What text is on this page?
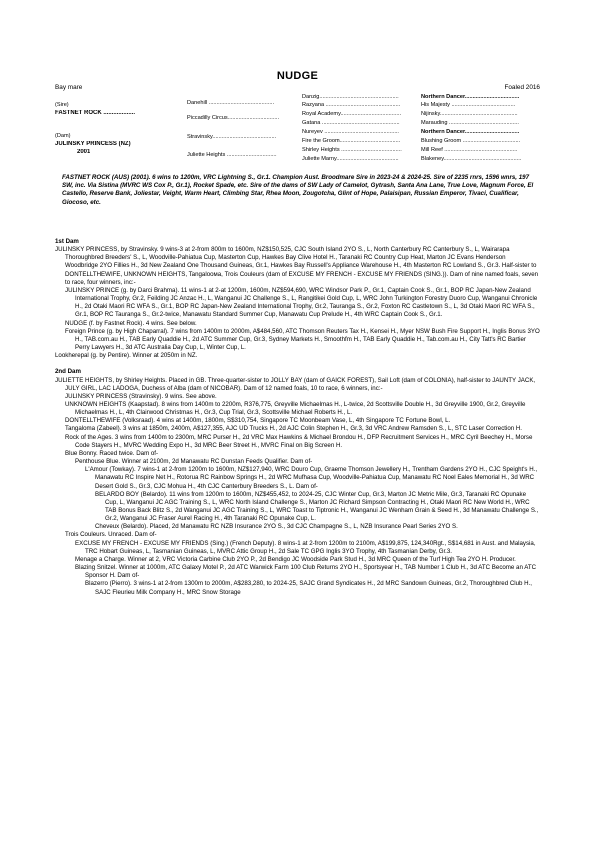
NUDGE
Bay mare	Foaled 2016
(Sire)
FASTNET ROCK ...................
(Dam)
JULINSKY PRINCESS (NZ)
2001
Danehill ..........................................
Piccadilly Circus.................................
Stravinsky.........................................
Juliette Heights ................................
Danzig...................................................
Razyana ................................................
Royal Academy.......................................
Gatana ..................................................
Nureyev ................................................
Fire the Groom.......................................
Shirley Heights .......................................
Juliette Marny........................................
Northern Dancer...................................
His Majesty .........................................
Nijinsky..................................................
Marauding .............................................
Northern Dancer...................................
Blushing Groom .....................................
Mill Reef ...............................................
Blakeney..................................................
FASTNET ROCK (AUS) (2001). 6 wins to 1200m, VRC Lightning S., Gr.1. Champion Aust. Broodmare Sire in 2023-24 & 2024-25. Sire of 2235 rnrs, 1596 wnrs, 197 SW, inc. Via Sistina (MVRC WS Cox P., Gr.1), Rocket Spade, etc. Sire of the dams of SW Lady of Camelot, Gytrash, Santa Ana Lane, True Love, Magnum Force, El Castello, Reserve Bank, Joliestar, Veight, Warm Heart, Climbing Star, Rhea Moon, Zougotcha, Glint of Hope, Palaisipan, Russian Emperor, Tivaci, Cualificar, Giocoso, etc.
1st Dam

JULINSKY PRINCESS, by Stravinsky. 9 wins-3 at 2-from 800m to 1600m, NZ$150,525, CJC South Island 2YO S., L, North Canterbury RC Canterbury S., L, Wairarapa Thoroughbred Breeders' S., L, Woodville-Pahiatua Cup, Masterton Cup, Hawkes Bay Clive Hotel H., Taranaki RC Country Cup Heat, Marton JC Evans Henderson Woodbridge 2YO Fillies H., 3d New Zealand One Thousand Guineas, Gr.1, Hawkes Bay Russell's Appliance Warehouse H., 4th Masterton RC Lowland S., Gr.3. Half-sister to DONTELLTHEWIFE, UNKNOWN HEIGHTS, Tangaloома, Trois Couleurs (dam of EXCUSE MY FRENCH - EXCUSE MY FRIENDS (SING.)). Dam of nine named foals, seven to race, four winners, inc:-

JULINSKY PRINCE (g. by Darci Brahma). 11 wins-1 at 2-at 1200m, 1600m, NZ$594,690, WRC Windsor Park P., Gr.1, Captain Cook S., Gr.1, BOP RC Japan-New Zealand International Trophy, Gr.2, Feilding JC Anzac H., L, Wanganui JC Challenge S., L, Rangitikei Gold Cup, L, WRC John Turkington Forestry Duoro Cup, Wanganui Chronicle H., 2d Otaki Maori RC WFA S., Gr.1, BOP RC Japan-New Zealand International Trophy, Gr.2, Tauranga S., Gr.2, Foxton RC Castletown S., L, 3d Otaki Maori RC WFA S., Gr.1, BOP RC Tauranga S., Gr.2-twice, Manawatu Standard Summer Cup, Manawatu Cup Prelude H., 4th WRC Captain Cook S., Gr.1.

NUDGE (f. by Fastnet Rock). 4 wins. See below.

Foreign Prince (g. by High Chaparral). 7 wins from 1400m to 2000m, A$484,560, ATC Thomson Reuters Tax H., Kensei H., Myer NSW Bush Fire Support H., Inglis Bonus 3YO H., TAB.com.au H., TAB Early Quaddie H., 2d ATC Summer Cup, Gr.3, Sydney Markets H., Smoothfm H., TAB Early Quaddie H., Tab.com.au H., City Tatt's RC Bartier Perry Lawyers H., 3d ATC Australia Day Cup, L, Winter Cup, L.

Lookherepal (g. by Pentire). Winner at 2050m in NZ.

2nd Dam

JULIETTE HEIGHTS, by Shirley Heights. Placed in GB. Three-quarter-sister to JOLLY BAY (dam of GAICK FOREST), Sail Loft (dam of COLONIA), half-sister to JAUNTY JACK, JULY GIRL, LAC LADOGA, Duchess of Alba (dam of NICOBAR). Dam of 12 named foals, 10 to race, 6 winners, inc:-

JULINSKY PRINCESS (Stravinsky). 9 wins. See above.

UNKNOWN HEIGHTS (Kaapstad). 8 wins from 1400m to 2200m, R376,775, Greyville Michaelmas H., L-twice, 2d Scottsville Double H., 3d Greyville 1900, Gr.2, Greyville Michaelmas H., L, 4th Clairwood Christmas H., Gr.3, Cup Trial, Gr.3, Scottsville Michael Roberts H., L.

DONTELLTHEWIFE (Volksraad). 4 wins at 1400m, 1800m, S$310,754, Singapore TC Moonbeam Vase, L, 4th Singapore TC Fortune Bowl, L.

Tangaloma (Zabeel). 3 wins at 1850m, 2400m, A$127,355, AJC UD Trucks H., 2d AJC Colin Stephen H., Gr.3, 3d VRC Andrew Ramsden S., L, STC Laser Correction H.

Rock of the Ages. 3 wins from 1400m to 2300m, MRC Purser H., 2d VRC Max Hawkins & Michael Brondou H., DFP Recruitment Services H., MRC Cyril Beechey H., Morse Code Stayers H., MVRC Wedding Expo H., 3d MRC Beer Street H., MVRC Final on Big Screen H.

Blue Bonny. Raced twice. Dam of-

Penthouse Blue. Winner at 2100m, 2d Manawatu RC Dunstan Feeds Qualifier. Dam of-

L'Amour (Towkay). 7 wins-1 at 2-from 1200m to 1600m, NZ$127,940, WRC Douro Cup, Graeme Thomson Jewellery H., Trentham Gardens 2YO H., CJC Speight's H., Manawatu RC Inspire Net H., Rotorua RC Rainbow Springs H., 2d WRC Mufhasa Cup, Woodville-Pahiatua Cup, Manawatu RC Noel Eales Memorial H., 3d WRC Desert Gold S., Gr.3, CJC Mohua H., 4th CJC Canterbury Breeders S., L. Dam of-

BELARDO BOY (Belardo). 11 wins from 1200m to 1600m, NZ$455,452, to 2024-25, CJC Winter Cup, Gr.3, Marton JC Metric Mile, Gr.3, Taranaki RC Opunake Cup, L, Wanganui JC AGC Training S., L, WRC North Island Challenge S., Marton JC Richard Simpson Contracting H., Otaki Maori RC New World H., WRC TAB Bonus Back Blitz S., 2d Wanganui JC AGC Training S., L, WRC Toast to Tiptronic H., Wanganui JC Wenham Grain & Seed H., 3d Manawatu Challenge S., Gr.2, Wanganui JC Fraser Aurel Racing H., 4th Taranaki RC Opunake Cup, L.

Cheveux (Belardo). Placed, 2d Manawatu RC NZB Insurance 2YO S., 3d CJC Champagne S., L, NZB Insurance Pearl Series 2YO S.

Trois Couleurs. Unraced. Dam of-

EXCUSE MY FRENCH - EXCUSE MY FRIENDS (Sing.) (French Deputy). 8 wins-1 at 2-from 1200m to 2100m, A$199,875, 124,340Rgt., S$14,681 in Aust. and Malaysia, TRC Hobart Guineas, L, Tasmanian Guineas, L, MVRC Attic Group H., 2d Sale TC GPG Inglis 3YO Trophy, 4th Tasmanian Derby, Gr.3.

Menage a Charge. Winner at 2, VRC Victoria Carbine Club 2YO P., 2d Bendigo JC Woodside Park Stud H., 3d MRC Queen of the Turf High Tea 2YO H. Producer.

Blazing Snitzel. Winner at 1000m, ATC Galaxy Motel P., 2d ATC Warwick Farm 100 Club Returns 2YO H., Sportsyear H., TAB Number 1 Club H., 3d ATC Become an ATC Sponsor H. Dam of-

Blazerro (Pierro). 3 wins-1 at 2-from 1300m to 2000m, A$283,280, to 2024-25, SAJC Grand Syndicates H., 2d MRC Sandown Guineas, Gr.2, Thoroughbred Club H., SAJC Fleurieu Milk Company H., MRC Snow Storage
